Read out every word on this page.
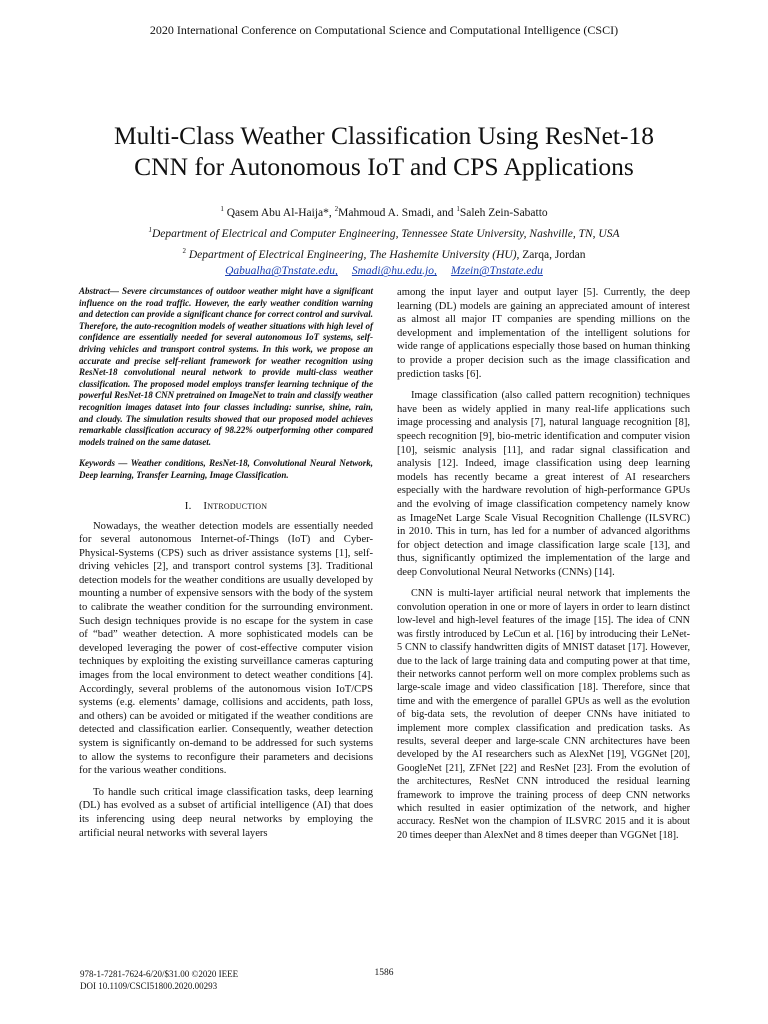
2020 International Conference on Computational Science and Computational Intelligence (CSCI)
Multi-Class Weather Classification Using ResNet-18
CNN for Autonomous IoT and CPS Applications
$^1$ Qasem Abu Al-Haija*, $^2$Mahmoud A. Smadi, and $^1$Saleh Zein-Sabatto
$^1$Department of Electrical and Computer Engineering, Tennessee State University, Nashville, TN, USA
$^2$ Department of Electrical Engineering, The Hashemite University (HU), Zarqa, Jordan
Qabualha@Tnstate.edu, Smadi@hu.edu.jo, Mzein@Tnstate.edu

Abstract— Severe circumstances of outdoor weather might have a significant influence on the road traffic. However, the early weather condition warning and detection can provide a significant chance for correct control and survival. Therefore, the auto-recognition models of weather situations with high level of confidence are essentially needed for several autonomous IoT systems, self-driving vehicles and transport control systems. In this work, we propose an accurate and precise self-reliant framework for weather recognition using ResNet-18 convolutional neural network to provide multi-class weather classification. The proposed model employs transfer learning technique of the powerful ResNet-18 CNN pretrained on ImageNet to train and classify weather recognition images dataset into four classes including: sunrise, shine, rain, and cloudy. The simulation results showed that our proposed model achieves remarkable classification accuracy of 98.22% outperforming other compared models trained on the same dataset.

Keywords — Weather conditions, ResNet-18, Convolutional Neural Network, Deep learning, Transfer Learning, Image Classification.

I. Introduction

Nowadays, the weather detection models are essentially needed for several autonomous Internet-of-Things (IoT) and Cyber-Physical-Systems (CPS) such as driver assistance systems [1], self-driving vehicles [2], and transport control systems [3]. Traditional detection models for the weather conditions are usually developed by mounting a number of expensive sensors with the body of the system to calibrate the weather condition for the surrounding environment. Such design techniques provide is no escape for the system in case of “bad” weather detection. A more sophisticated models can be developed leveraging the power of cost-effective computer vision techniques by exploiting the existing surveillance cameras capturing images from the local environment to detect weather conditions [4]. Accordingly, several problems of the autonomous vision IoT/CPS systems (e.g. elements’ damage, collisions and accidents, path loss, and others) can be avoided or mitigated if the weather conditions are detected and classification earlier. Consequently, weather detection system is significantly on-demand to be addressed for such systems to allow the systems to reconfigure their parameters and decisions for the various weather conditions.

To handle such critical image classification tasks, deep learning (DL) has evolved as a subset of artificial intelligence (AI) that does its inferencing using deep neural networks by employing the artificial neural networks with several layers

among the input layer and output layer [5]. Currently, the deep learning (DL) models are gaining an appreciated amount of interest as almost all major IT companies are spending millions on the development and implementation of the intelligent solutions for wide range of applications especially those based on human thinking to provide a proper decision such as the image classification and prediction tasks [6].

Image classification (also called pattern recognition) techniques have been as widely applied in many real-life applications such image processing and analysis [7], natural language recognition [8], speech recognition [9], bio-metric identification and computer vision [10], seismic analysis [11], and radar signal classification and analysis [12]. Indeed, image classification using deep learning models has recently became a great interest of AI researchers especially with the hardware revolution of high-performance GPUs and the evolving of image classification competency namely know as ImageNet Large Scale Visual Recognition Challenge (ILSVRC) in 2010. This in turn, has led for a number of advanced algorithms for object detection and image classification large scale [13], and thus, significantly optimized the implementation of the large and deep Convolutional Neural Networks (CNNs) [14].

CNN is multi-layer artificial neural network that implements the convolution operation in one or more of layers in order to learn distinct low-level and high-level features of the image [15]. The idea of CNN was firstly introduced by LeCun et al. [16] by introducing their LeNet-5 CNN to classify handwritten digits of MNIST dataset [17]. However, due to the lack of large training data and computing power at that time, their networks cannot perform well on more complex problems such as large-scale image and video classification [18]. Therefore, since that time and with the emergence of parallel GPUs as well as the evolution of big-data sets, the revolution of deeper CNNs have initiated to implement more complex classification and predication tasks. As results, several deeper and large-scale CNN architectures have been developed by the AI researchers such as AlexNet [19], VGGNet [20], GoogleNet [21], ZFNet [22] and ResNet [23]. From the evolution of the architectures, ResNet CNN introduced the residual learning framework to improve the training process of deep CNN networks which resulted in easier optimization of the network, and higher accuracy. ResNet won the champion of ILSVRC 2015 and it is about 20 times deeper than AlexNet and 8 times deeper than VGGNet [18].

978-1-7281-7624-6/20/$31.00 ©2020 IEEE
DOI 10.1109/CSCI51800.2020.00293
1586
